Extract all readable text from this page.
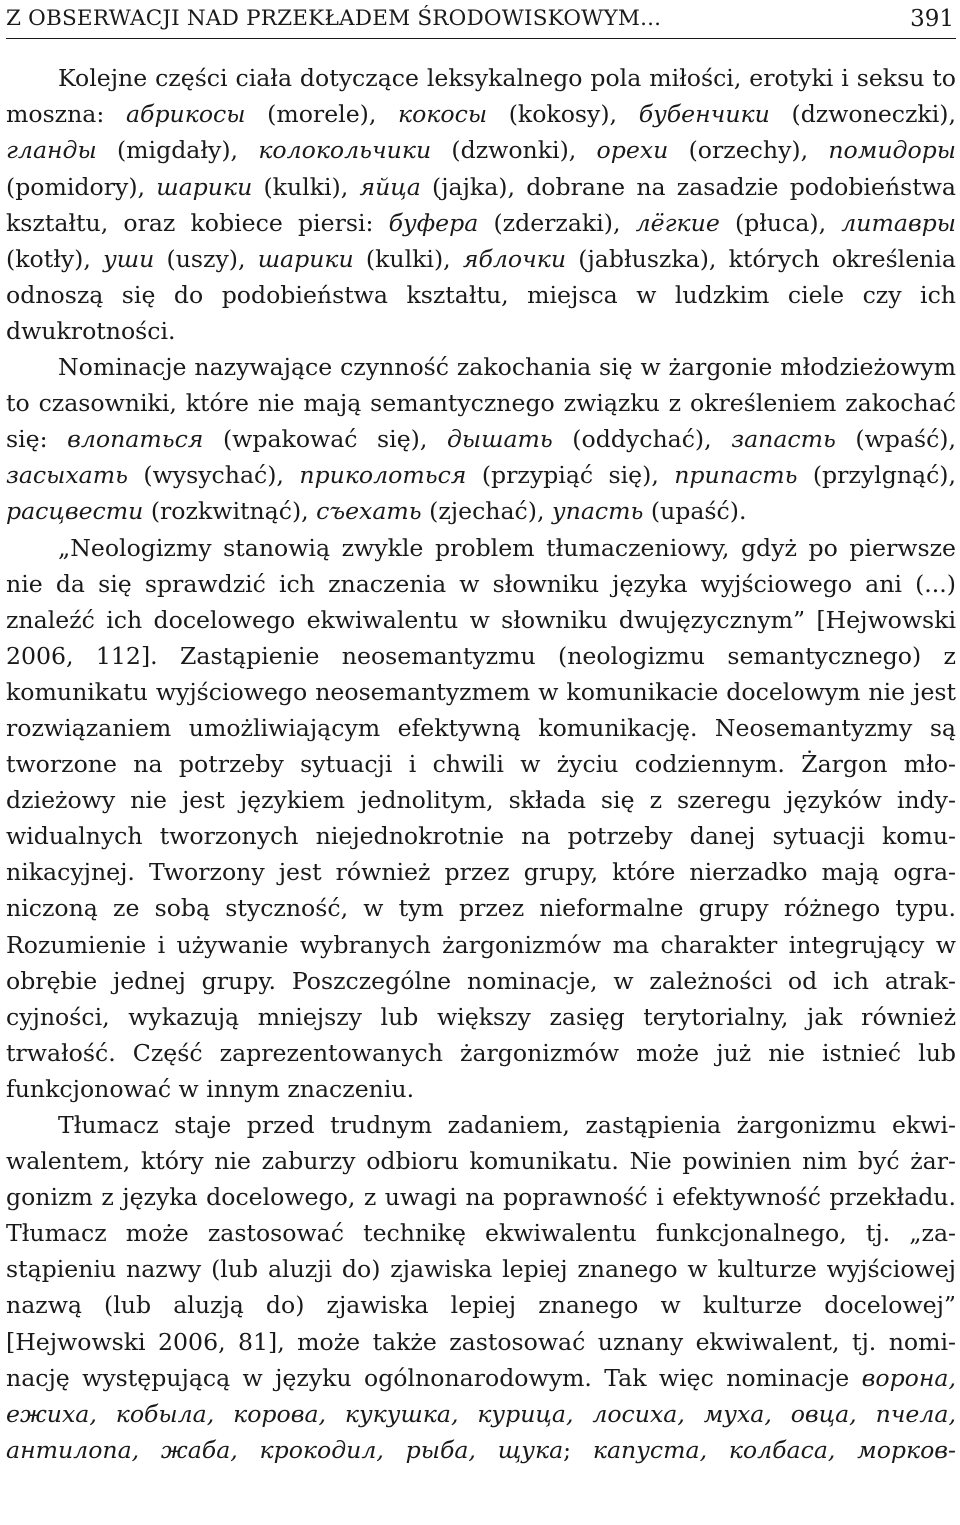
Z OBSERWACJI NAD PRZEKŁADEM ŚRODOWISKOWYM...	391

Kolejne części ciała dotyczące leksykalnego pola miłości, erotyki i seksu to moszna: абрикосы (morele), кокосы (kokosy), бубенчики (dzwoneczki), гланды (migdały), колокольчики (dzwonki), орехи (orzechy), помидоры (pomidory), шарики (kulki), яйца (jajka), dobrane na zasadzie podobieństwa kształtu, oraz kobiece piersi: буфера (zderzaki), лёгкие (płuca), литавры (kotły), уши (uszy), шарики (kulki), яблочки (jabłuszka), których określenia odnoszą się do podobieństwa kształtu, miejsca w ludzkim ciele czy ich dwukrotności.

Nominacje nazywające czynność zakochania się w żargonie młodzieżowym to czasowniki, które nie mają semantycznego związku z określeniem zakochać się: влопаться (wpakować się), дышать (oddychać), запасть (wpaść), засыхать (wysychać), приколоться (przypiąć się), припасть (przylgnąć), расцвести (rozkwitnąć), съехать (zjechać), упасть (upaść).

„Neologizmy stanowią zwykle problem tłumaczeniowy, gdyż po pierwsze nie da się sprawdzić ich znaczenia w słowniku języka wyjściowego ani (...) znaleźć ich docelowego ekwiwalentu w słowniku dwujęzycznym” [Hejwowski 2006, 112]. Zastąpienie neosemantyzmu (neologizmu semantycznego) z komunikatu wyjściowego neosemantyzmem w komunikacie docelowym nie jest rozwiązaniem umożliwiającym efektywną komunikację. Neosemantyzmy są tworzone na potrzeby sytuacji i chwili w życiu codziennym. Żargon młodzieżowy nie jest językiem jednolitym, składa się z szeregu języków indywidualnych tworzonych niejednokrotnie na potrzeby danej sytuacji komunikacyjnej. Tworzony jest również przez grupy, które nierzadko mają ograniczoną ze sobą styczność, w tym przez nieformalne grupy różnego typu. Rozumienie i używanie wybranych żargonizmów ma charakter integrujący w obrębie jednej grupy. Poszczególne nominacje, w zależności od ich atrakcyjności, wykazują mniejszy lub większy zasięg terytorialny, jak również trwałość. Część zaprezentowanych żargonizmów może już nie istnieć lub funkcjonować w innym znaczeniu.

Tłumacz staje przed trudnym zadaniem, zastąpienia żargonizmu ekwiwalentem, który nie zaburzy odbioru komunikatu. Nie powinien nim być żargonizm z języka docelowego, z uwagi na poprawność i efektywność przekładu. Tłumacz może zastosować technikę ekwiwalentu funkcjonalnego, tj. „zastąpieniu nazwy (lub aluzji do) zjawiska lepiej znanego w kulturze wyjściowej nazwą (lub aluzją do) zjawiska lepiej znanego w kulturze docelowej” [Hejwowski 2006, 81], może także zastosować uznany ekwiwalent, tj. nominację występującą w języku ogólnonarodowym. Tak więc nominacje ворона, ежиха, кобыла, корова, кукушка, курица, лосиха, муха, овца, пчела, антилопа, жаба, крокодил, рыба, щука; капуста, колбаса, морков-
